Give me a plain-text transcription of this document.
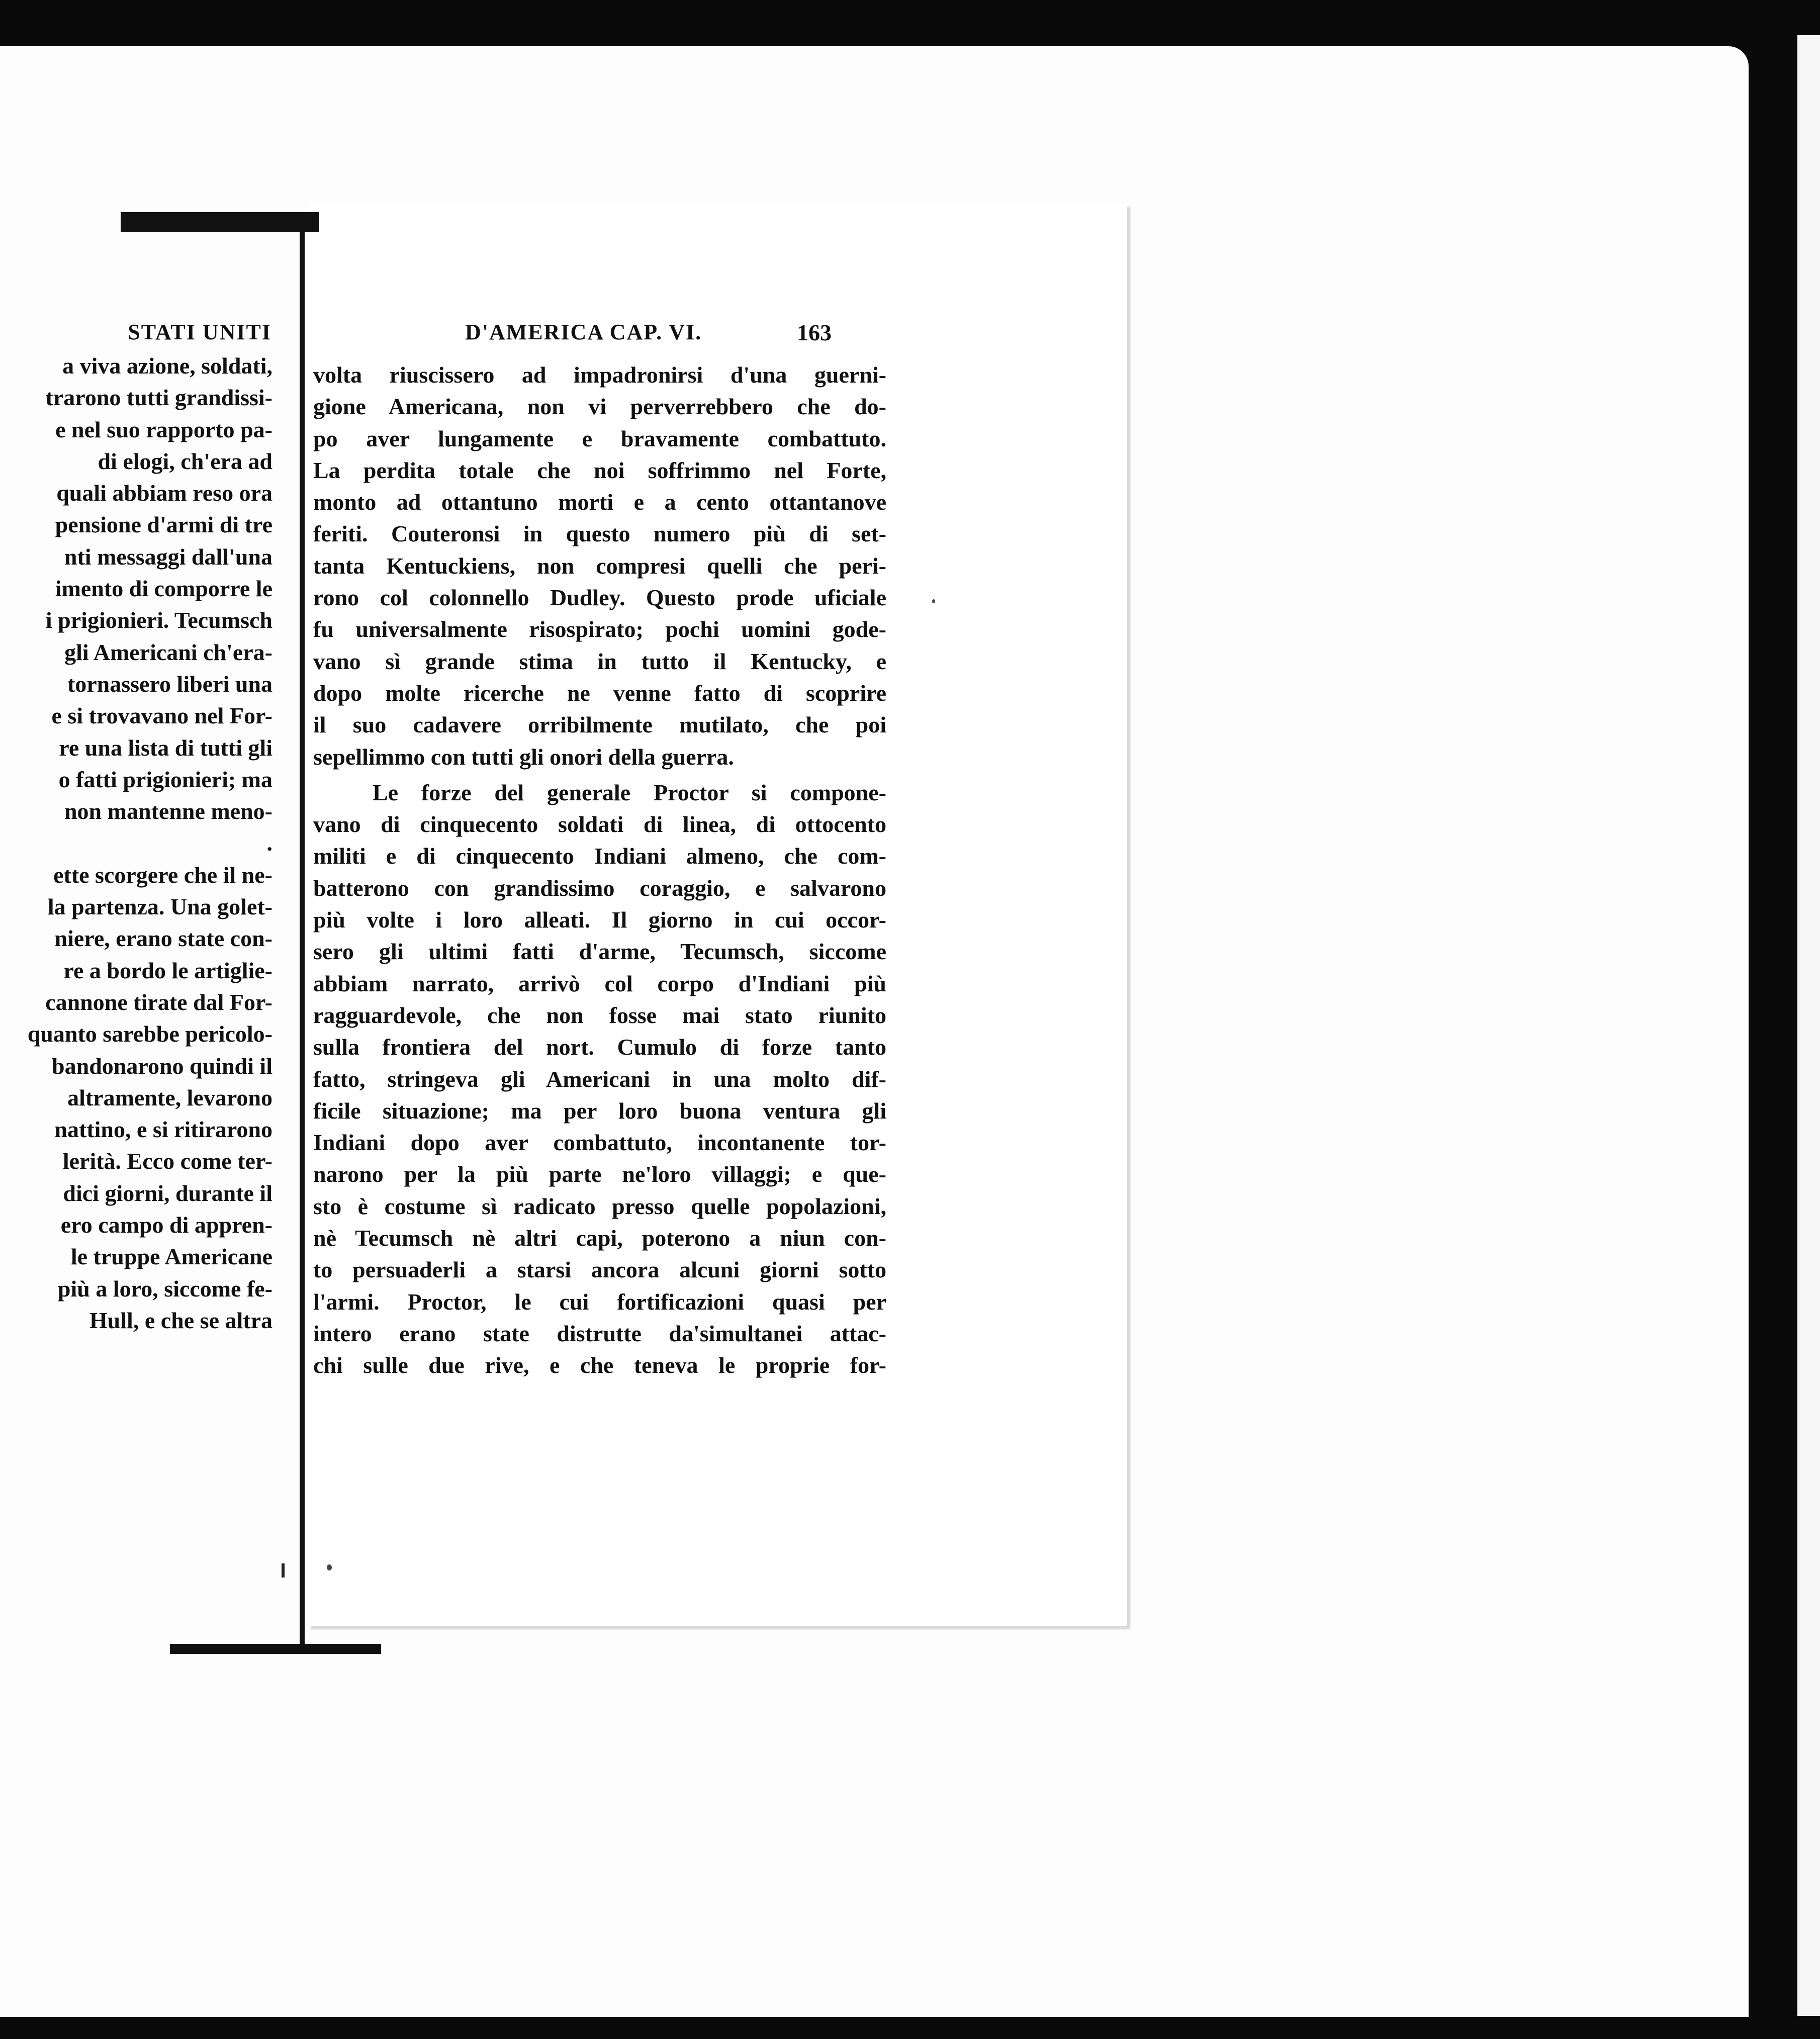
STATI UNITI	D'AMERICA CAP. VI.	163
a viva azione, soldati,
trarono tutti grandissi-
e nel suo rapporto pa-
di elogi, ch'era ad
quali abbiam reso ora
pensione d'armi di tre
nti messaggi dall'una
imento di comporre le
i prigionieri. Tecumsch
gli Americani ch'era-
tornassero liberi una
e si trovavano nel For-
re una lista di tutti gli
o fatti prigionieri; ma
non mantenne meno-
.
ette scorgere che il ne-
la partenza. Una golet-
niere, erano state con-
re a bordo le artiglie-
cannone tirate dal For-
quanto sarebbe pericolo-
bandonarono quindi il
altramente, levarono
nattino, e si ritirarono
lerità. Ecco come ter-
dici giorni, durante il
ero campo di appren-
le truppe Americane
più a loro, siccome fe-
Hull, e che se altra
volta riuscissero ad impadronirsi d'una guerni-
gione Americana, non vi perverrebbero che do-
po aver lungamente e bravamente combattuto.
La perdita totale che noi soffrimmo nel Forte,
monto ad ottantuno morti e a cento ottantanove
feriti. Couteronsi in questo numero più di set-
tanta Kentuckiens, non compresi quelli che peri-
rono col colonnello Dudley. Questo prode uficiale
fu universalmente risospirato; pochi uomini gode-
vano sì grande stima in tutto il Kentucky, e
dopo molte ricerche ne venne fatto di scoprire
il suo cadavere orribilmente mutilato, che poi
sepellimmo con tutti gli onori della guerra.
Le forze del generale Proctor si compone-
vano di cinquecento soldati di linea, di ottocento
militi e di cinquecento Indiani almeno, che com-
batterono con grandissimo coraggio, e salvarono
più volte i loro alleati. Il giorno in cui occor-
sero gli ultimi fatti d'arme, Tecumsch, siccome
abbiam narrato, arrivò col corpo d'Indiani più
ragguardevole, che non fosse mai stato riunito
sulla frontiera del nort. Cumulo di forze tanto
fatto, stringeva gli Americani in una molto dif-
ficile situazione; ma per loro buona ventura gli
Indiani dopo aver combattuto, incontanente tor-
narono per la più parte ne'loro villaggi; e que-
sto è costume sì radicato presso quelle popolazioni,
nè Tecumsch nè altri capi, poterono a niun con-
to persuaderli a starsi ancora alcuni giorni sotto
l'armi. Proctor, le cui fortificazioni quasi per
intero erano state distrutte da'simultanei attac-
chi sulle due rive, e che teneva le proprie for-
